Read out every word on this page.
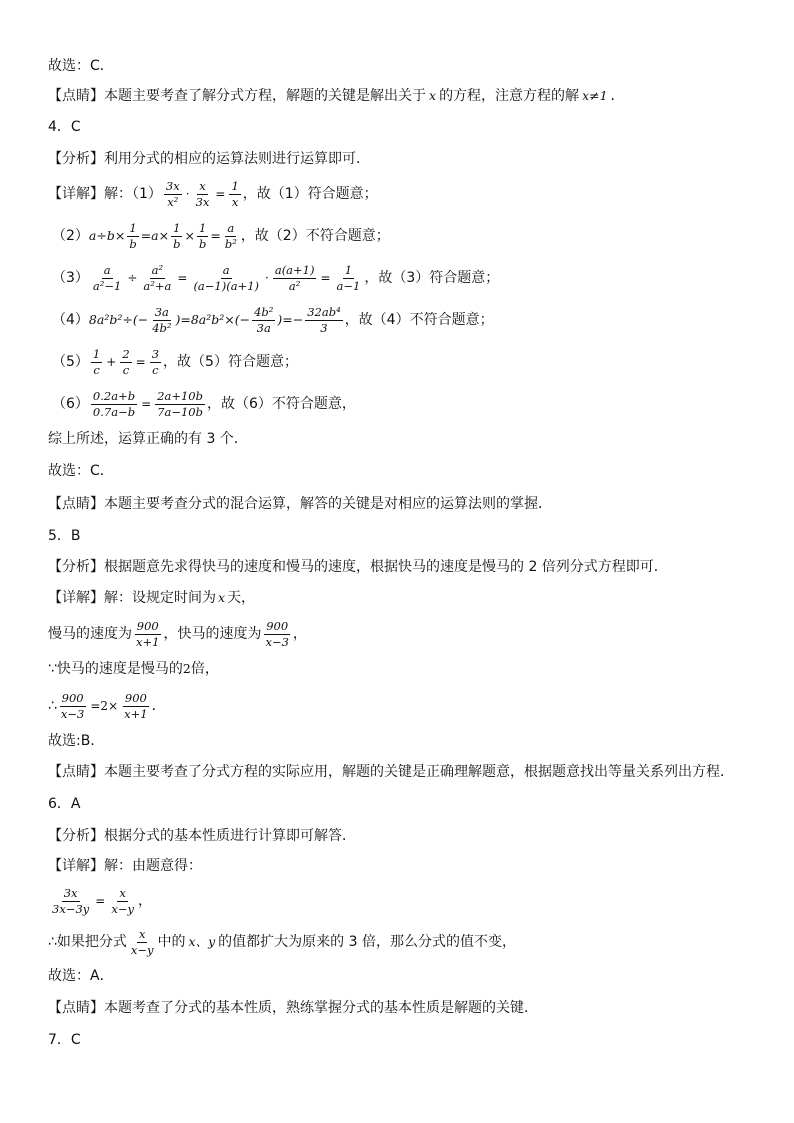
故选：C．
【点睛】本题主要考查了解分式方程，解题的关键是解出关于 x 的方程，注意方程的解 x≠1 ．
4．C
【分析】利用分式的相应的运算法则进行运算即可．
【详解】解：$(1) \frac{3x}{\text{x²}} \cdot \frac{x}{3x} = \frac{1}{x}$ ，故（1）符合题意；
（2） $a\div b\times \frac{1}{b} =a\times \frac{1}{b} \times \frac{1}{b} = \frac{a}{\text{b²}}$ ，故（2）不符合题意；
$(3) \frac{a}{\text{a²−1}} \div \frac{\text{a²}}{\text{a²+a}} = \frac{a}{(a-1)(a+1)} \cdot \frac{a(a+1)}{\text{a²}} = \frac{1}{a-1}$ ，故（3）符合题意；
（4） $8a^2b^2\div(- \frac{3a}{\text{4b²}} )=8a^2b^2\times(- \frac{\text{4b²}}{3a}$ )=− $\frac{\text{32ab⁴}}{3}$ ，故（4）不符合题意；
$(5) \frac{1}{c} + \frac{2}{c} = \frac{3}{c}$ ，故（5）符合题意；
$(6) \frac{0.2a+b}{0.7a-b} = \frac{2a+10b}{7a-10b}$ ，故（6）不符合题意，
综上所述，运算正确的有 3 个．
故选：C．
【点睛】本题主要考查分式的混合运算，解答的关键是对相应的运算法则的掌握．
5．B
【分析】根据题意先求得快马的速度和慢马的速度，根据快马的速度是慢马的 2 倍列分式方程即可．
【详解】解：设规定时间为 x 天，
慢马的速度为 $\frac{900}{x+1}$ ，快马的速度为 $\frac{900}{x-3}$ ，
∵快马的速度是慢马的 2 倍，
∴ $\frac{900}{x-3} =2\times \frac{900}{x+1}$ ．
故选:B．
【点睛】本题主要考查了分式方程的实际应用，解题的关键是正确理解题意，根据题意找出等量关系列出方程．
6．A
【分析】根据分式的基本性质进行计算即可解答．
【详解】解：由题意得：
$\frac{3x}{3x-3y} = \frac{x}{x-y}$ ，
∴如果把分式 $\frac{x}{x-y}$ 中的 x、y 的值都扩大为原来的 3 倍，那么分式的值不变，
故选：A．
【点睛】本题考查了分式的基本性质，熟练掌握分式的基本性质是解题的关键．
7．C
